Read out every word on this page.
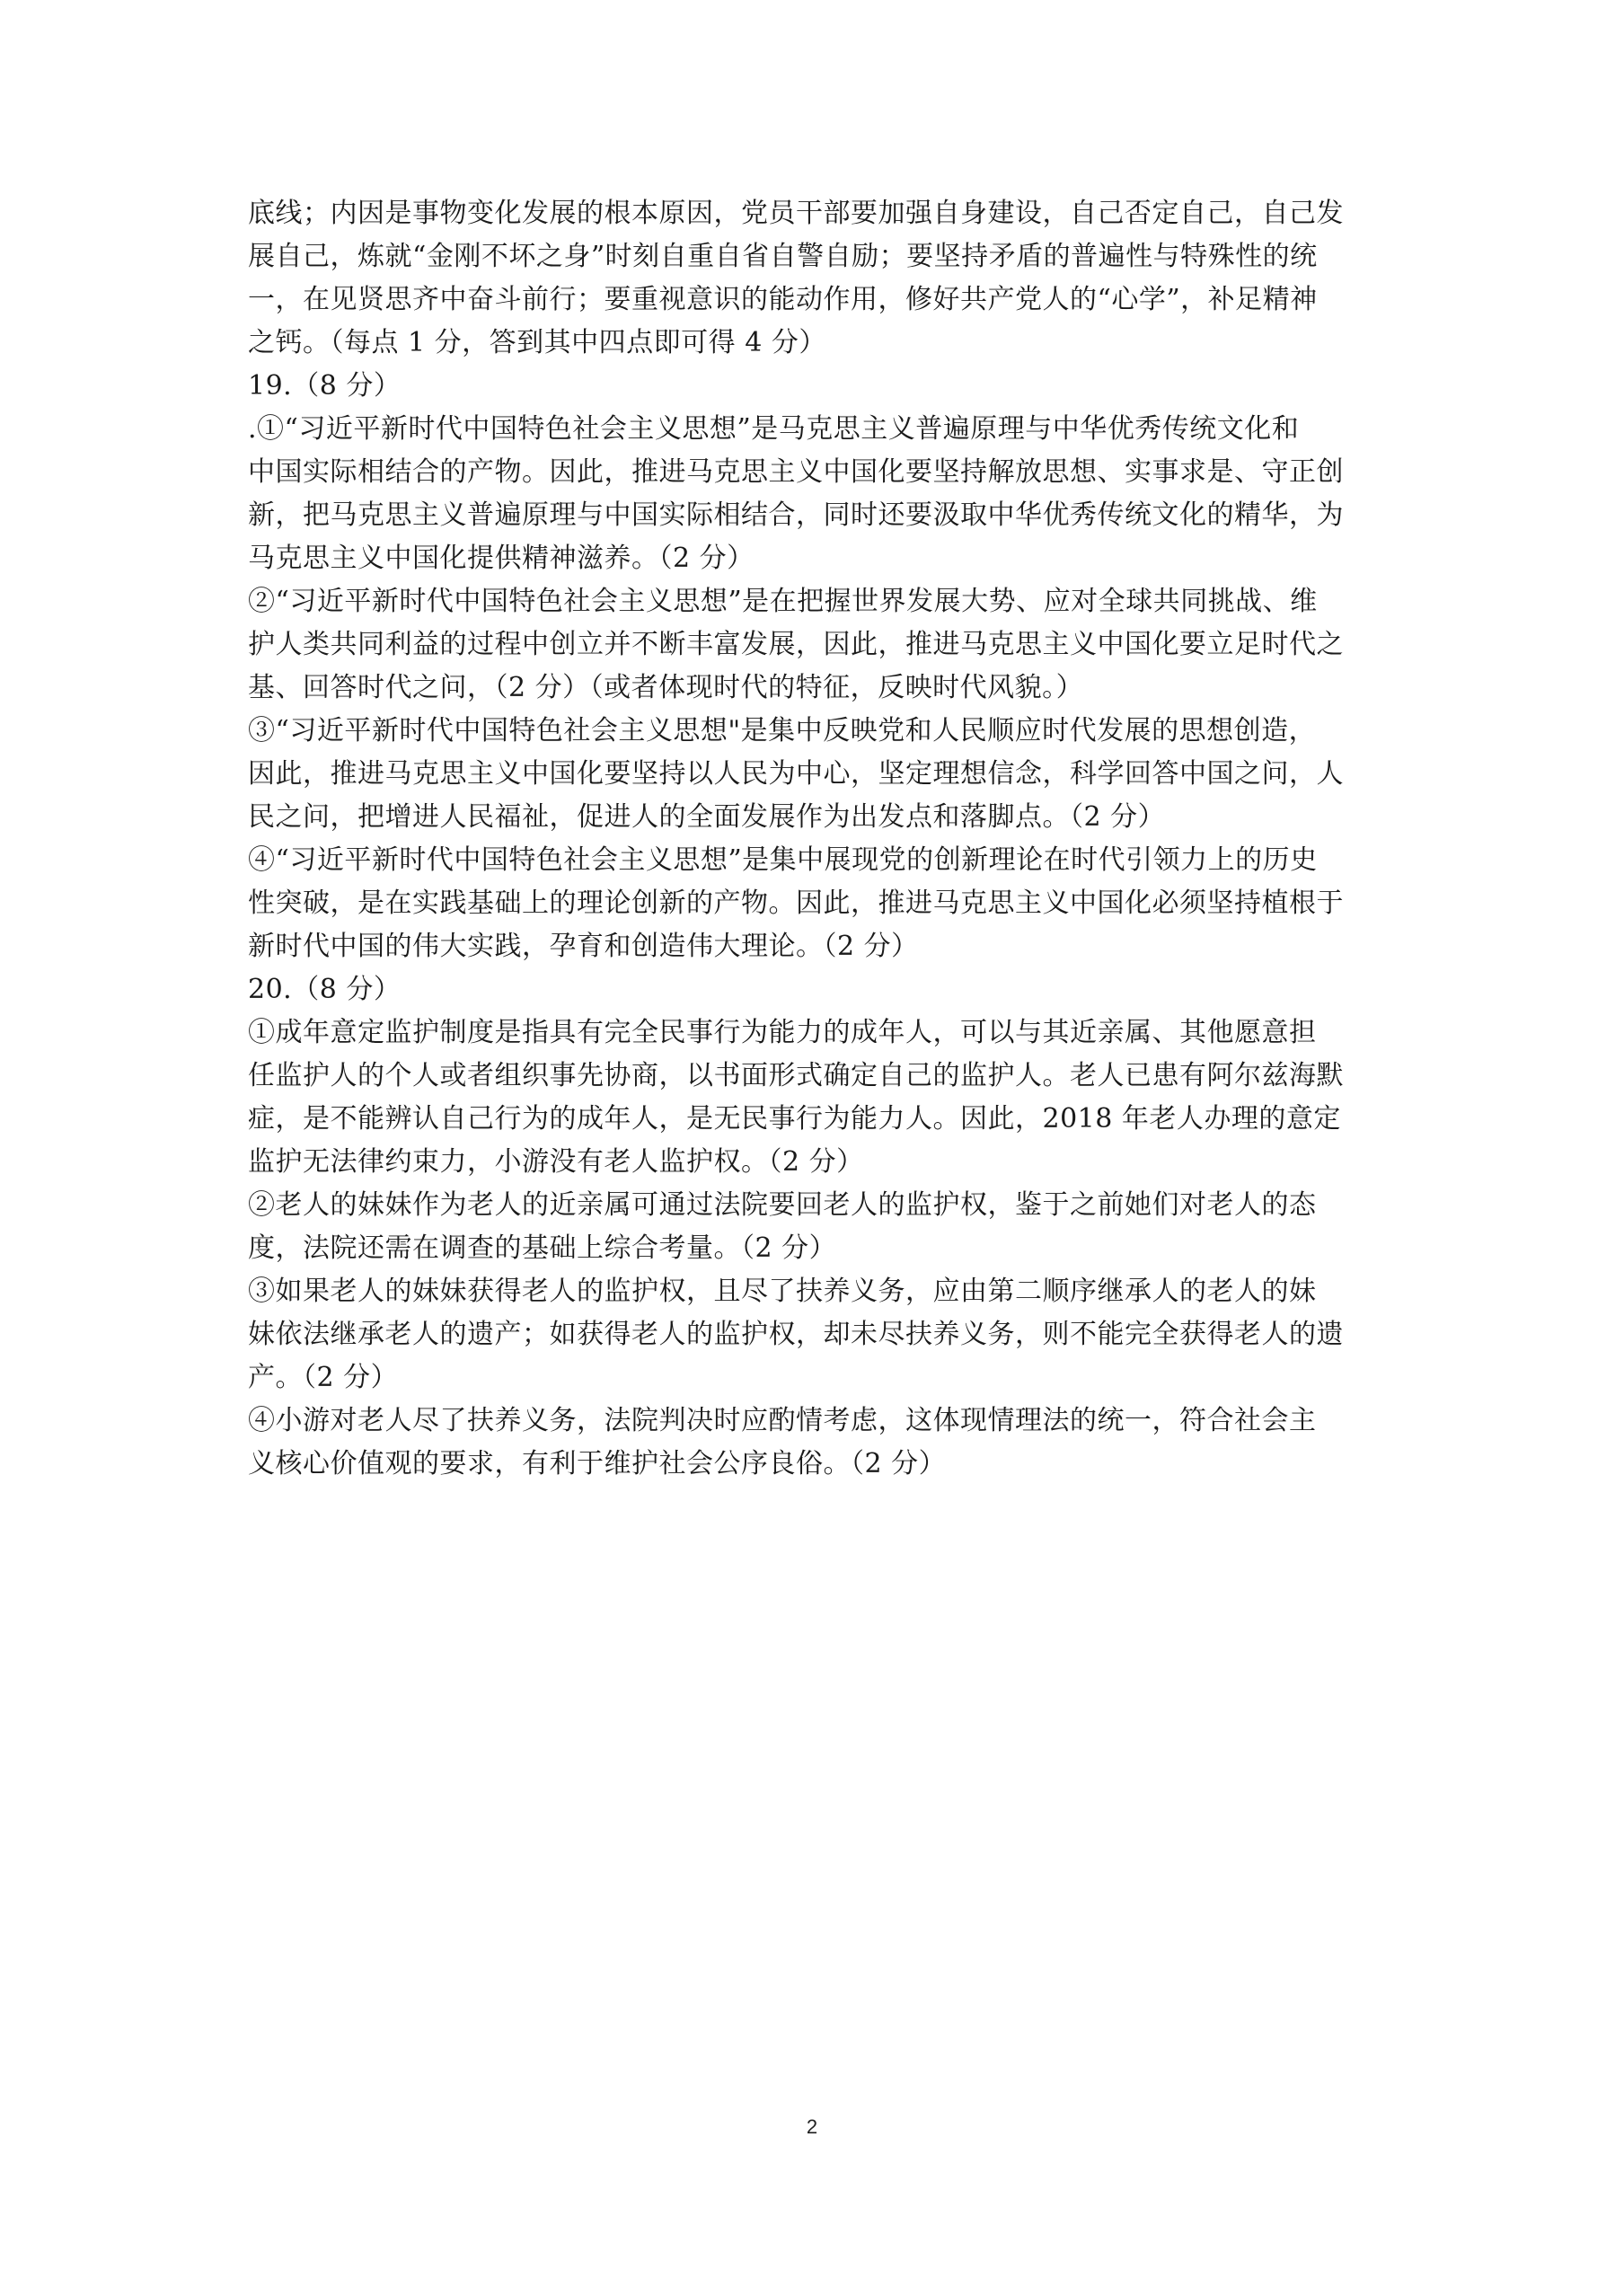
底线；内因是事物变化发展的根本原因，党员干部要加强自身建设，自己否定自己，自己发
展自己，炼就“金刚不坏之身”时刻自重自省自警自励；要坚持矛盾的普遍性与特殊性的统
一，在见贤思齐中奋斗前行；要重视意识的能动作用，修好共产党人的“心学”，补足精神
之钙。（每点 1 分，答到其中四点即可得 4 分）
19.（8 分）
.①“习近平新时代中国特色社会主义思想”是马克思主义普遍原理与中华优秀传统文化和
中国实际相结合的产物。因此，推进马克思主义中国化要坚持解放思想、实事求是、守正创
新，把马克思主义普遍原理与中国实际相结合，同时还要汲取中华优秀传统文化的精华，为
马克思主义中国化提供精神滋养。（2 分）
②“习近平新时代中国特色社会主义思想”是在把握世界发展大势、应对全球共同挑战、维
护人类共同利益的过程中创立并不断丰富发展，因此，推进马克思主义中国化要立足时代之
基、回答时代之问，（2 分）（或者体现时代的特征，反映时代风貌。）
③“习近平新时代中国特色社会主义思想"是集中反映党和人民顺应时代发展的思想创造，
因此，推进马克思主义中国化要坚持以人民为中心，坚定理想信念，科学回答中国之问，人
民之问，把增进人民福祉，促进人的全面发展作为出发点和落脚点。（2 分）
④“习近平新时代中国特色社会主义思想”是集中展现党的创新理论在时代引领力上的历史
性突破，是在实践基础上的理论创新的产物。因此，推进马克思主义中国化必须坚持植根于
新时代中国的伟大实践，孕育和创造伟大理论。（2 分）
20.（8 分）
①成年意定监护制度是指具有完全民事行为能力的成年人，可以与其近亲属、其他愿意担
任监护人的个人或者组织事先协商，以书面形式确定自己的监护人。老人已患有阿尔兹海默
症，是不能辨认自己行为的成年人，是无民事行为能力人。因此，2018 年老人办理的意定
监护无法律约束力，小游没有老人监护权。（2 分）
②老人的妹妹作为老人的近亲属可通过法院要回老人的监护权，鉴于之前她们对老人的态
度，法院还需在调查的基础上综合考量。（2 分）
③如果老人的妹妹获得老人的监护权，且尽了扶养义务，应由第二顺序继承人的老人的妹
妹依法继承老人的遗产；如获得老人的监护权，却未尽扶养义务，则不能完全获得老人的遗
产。（2 分）
④小游对老人尽了扶养义务，法院判决时应酌情考虑，这体现情理法的统一，符合社会主
义核心价值观的要求，有利于维护社会公序良俗。（2 分）
2
